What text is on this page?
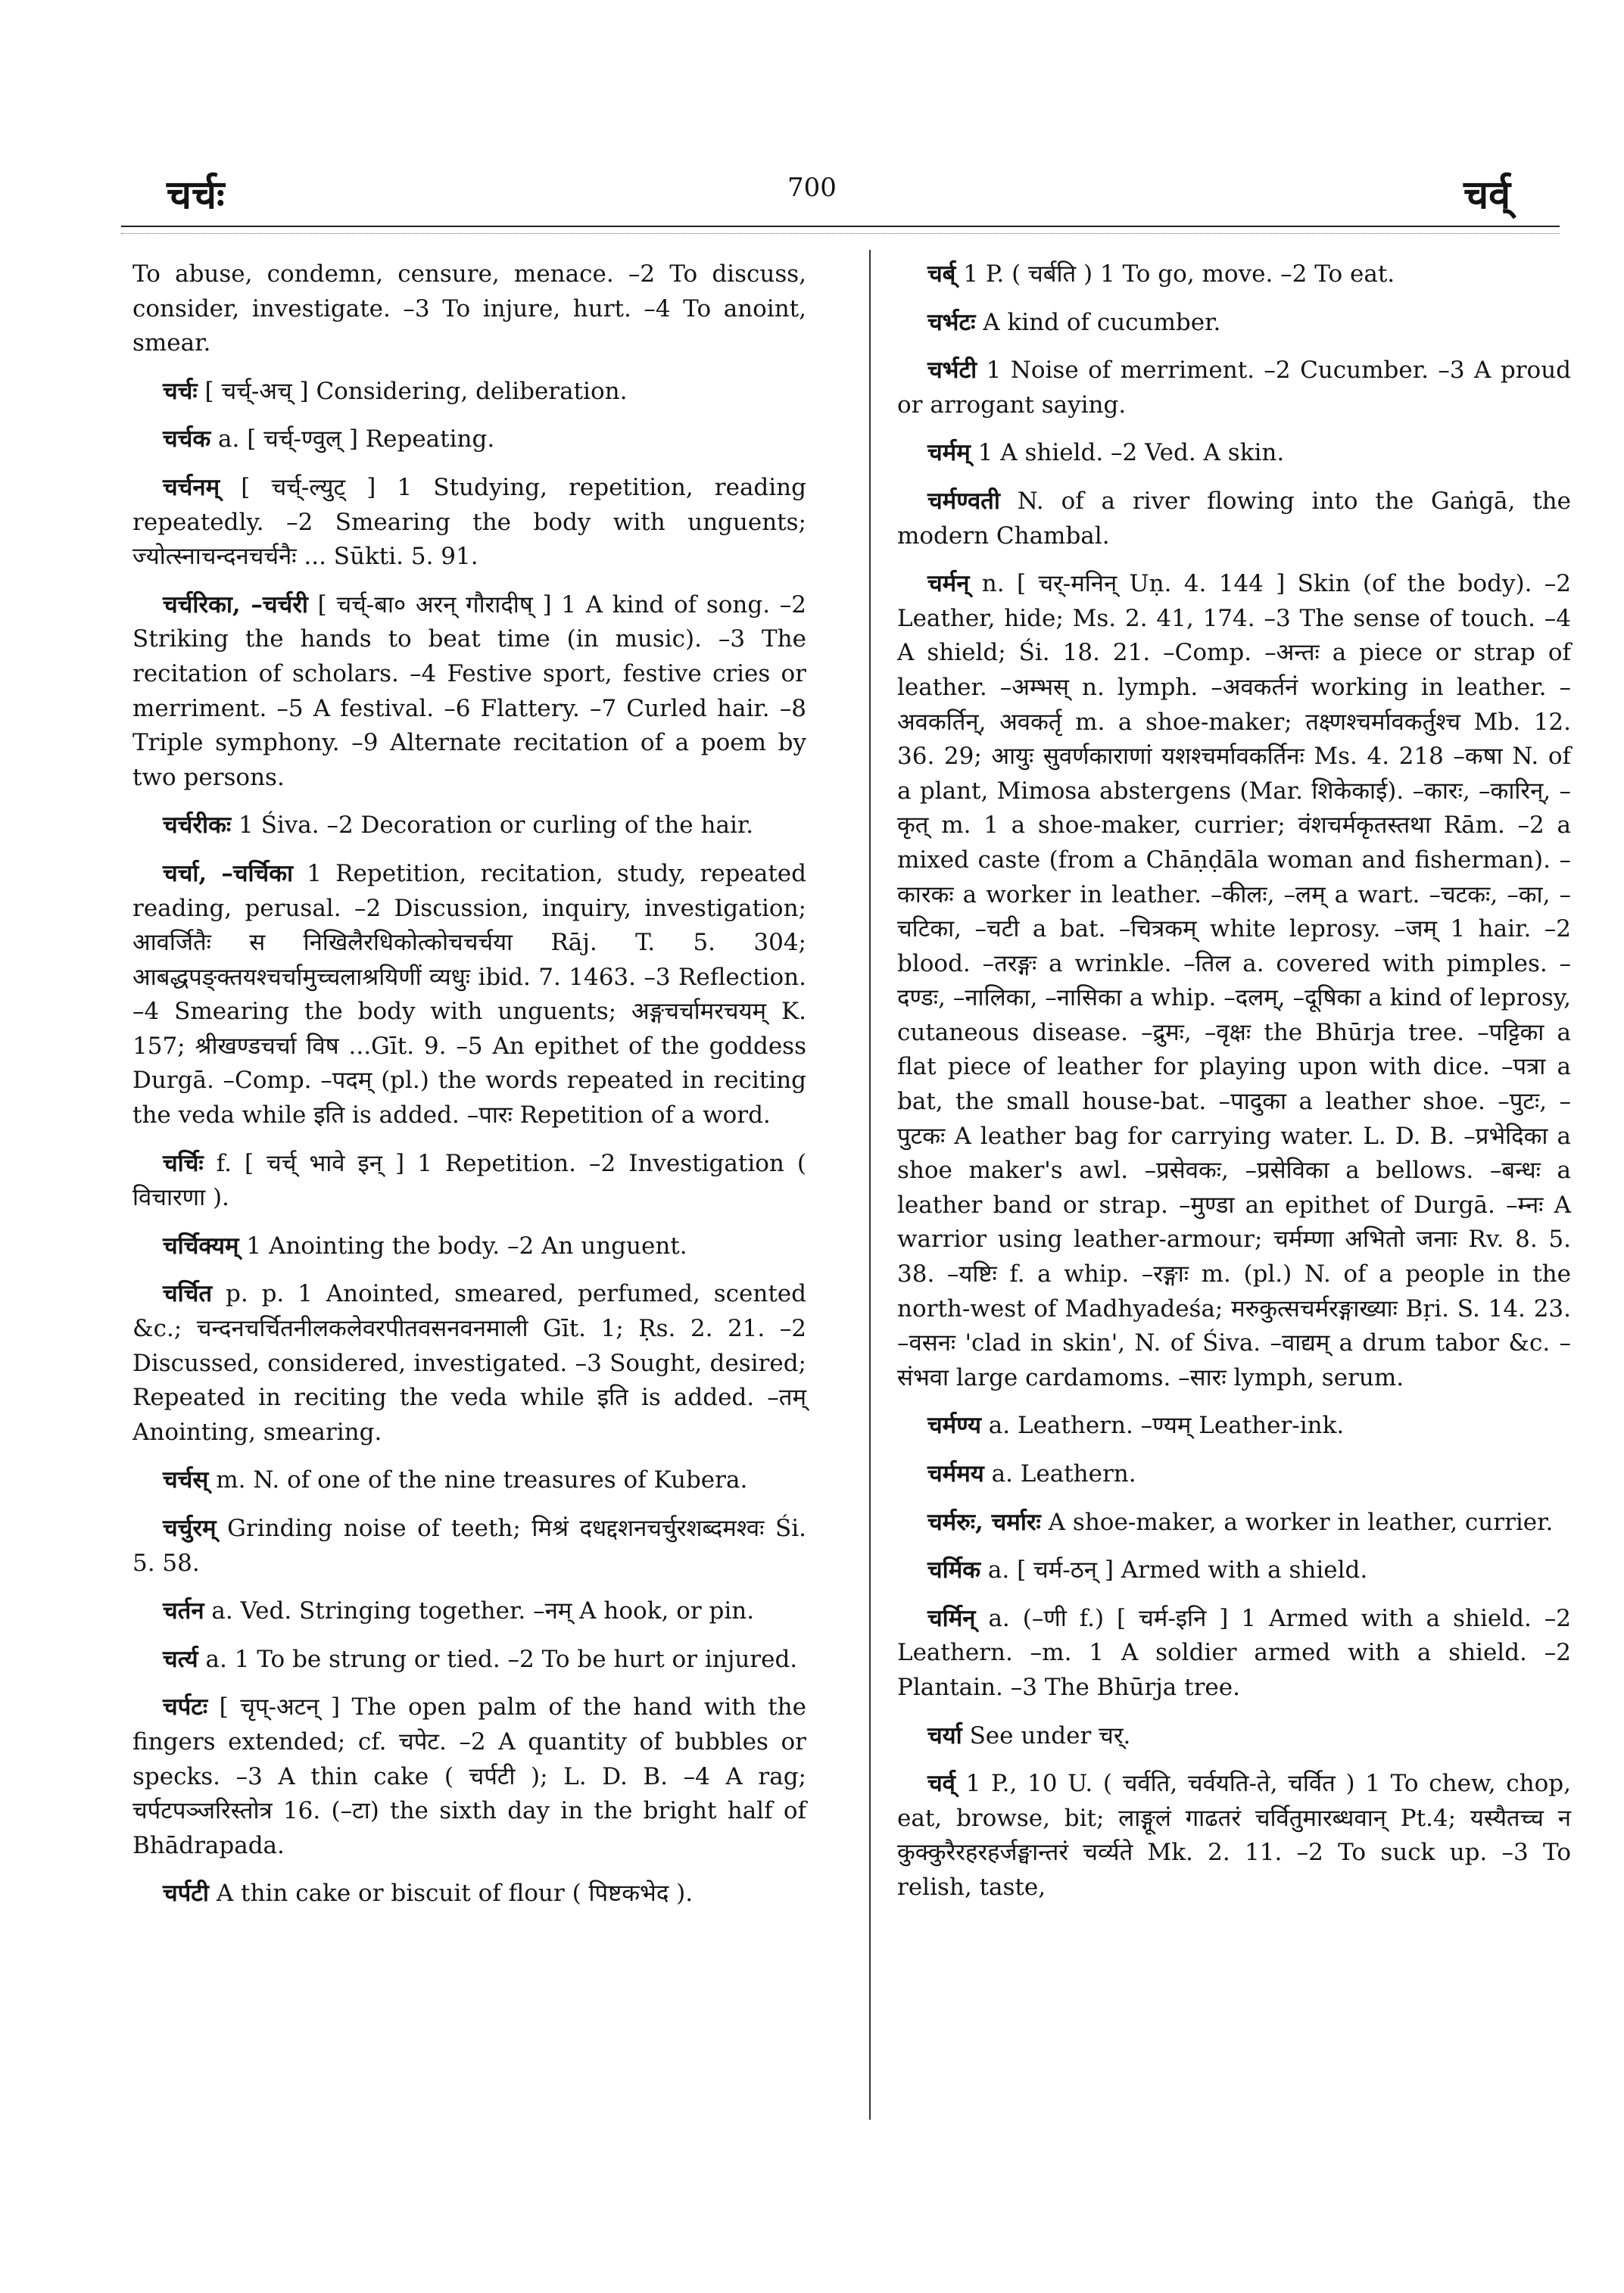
चर्चः	700	चर्व्

To abuse, condemn, censure, menace. –2 To discuss, consider, investigate. –3 To injure, hurt. –4 To anoint, smear.

चर्चः [ चर्च्-अच् ] Considering, deliberation.

चर्चक a. [ चर्च्-ण्वुल् ] Repeating.

चर्चनम् [ चर्च्-ल्युट् ] 1 Studying, repetition, reading repeatedly. –2 Smearing the body with unguents; ज्योत्स्नाचन्दनचर्चनैः ... Sūkti. 5. 91.

चर्चरिका, –चर्चरी [ चर्च्-बा० अरन् गौरादीष् ] 1 A kind of song. –2 Striking the hands to beat time (in music). –3 The recitation of scholars. –4 Festive sport, festive cries or merriment. –5 A festival. –6 Flattery. –7 Curled hair. –8 Triple symphony. –9 Alternate recitation of a poem by two persons.

चर्चरीकः 1 Śiva. –2 Decoration or curling of the hair.

चर्चा, –चर्चिका 1 Repetition, recitation, study, repeated reading, perusal. –2 Discussion, inquiry, investigation; आवर्जितैः स निखिलैरधिकोत्कोचचर्चया Rāj. T. 5. 304; आबद्धपङ्क्तयश्चर्चामुच्चलाश्रयिणीं व्यधुः ibid. 7. 1463. –3 Reflection. –4 Smearing the body with unguents; अङ्गचर्चामरचयम् K. 157; श्रीखण्डचर्चा विष ...Gīt. 9. –5 An epithet of the goddess Durgā. –Comp. –पदम् (pl.) the words repeated in reciting the veda while इति is added. –पारः Repetition of a word.

चर्चिः f. [ चर्च् भावे इन् ] 1 Repetition. –2 Investigation ( विचारणा ).

चर्चिक्यम् 1 Anointing the body. –2 An unguent.

चर्चित p. p. 1 Anointed, smeared, perfumed, scented &c.; चन्दनचर्चितनीलकलेवरपीतवसनवनमाली Gīt. 1; Ṛs. 2. 21. –2 Discussed, considered, investigated. –3 Sought, desired; Repeated in reciting the veda while इति is added. –तम् Anointing, smearing.

चर्चस् m. N. of one of the nine treasures of Kubera.

चर्चुरम् Grinding noise of teeth; मिश्रं दधद्दशनचर्चुरशब्दमश्वः Śi. 5. 58.

चर्तन a. Ved. Stringing together. –नम् A hook, or pin.

चर्त्य a. 1 To be strung or tied. –2 To be hurt or injured.

चर्पटः [ चृप्-अटन् ] The open palm of the hand with the fingers extended; cf. चपेट. –2 A quantity of bubbles or specks. –3 A thin cake ( चर्पटी ); L. D. B. –4 A rag; चर्पटपञ्जरिस्तोत्र 16. (–टा) the sixth day in the bright half of Bhādrapada.

चर्पटी A thin cake or biscuit of flour ( पिष्टकभेद ).

चर्ब् 1 P. ( चर्बति ) 1 To go, move. –2 To eat.

चर्भटः A kind of cucumber.

चर्भटी 1 Noise of merriment. –2 Cucumber. –3 A proud or arrogant saying.

चर्मम् 1 A shield. –2 Ved. A skin.

चर्मण्वती N. of a river flowing into the Gaṅgā, the modern Chambal.

चर्मन् n. [ चर्-मनिन् Uṇ. 4. 144 ] Skin (of the body). –2 Leather, hide; Ms. 2. 41, 174. –3 The sense of touch. –4 A shield; Śi. 18. 21. –Comp. –अन्तः a piece or strap of leather. –अम्भस् n. lymph. –अवकर्तनं working in leather. –अवकर्तिन्, अवकर्तृ m. a shoe-maker; तक्ष्णश्चर्मावकर्तुश्च Mb. 12. 36. 29; आयुः सुवर्णकाराणां यशश्चर्मावकर्तिनः Ms. 4. 218 –कषा N. of a plant, Mimosa abstergens (Mar. शिकेकाई). –कारः, –कारिन्, –कृत् m. 1 a shoe-maker, currier; वंशचर्मकृतस्तथा Rām. –2 a mixed caste (from a Chāṇḍāla woman and fisherman). –कारकः a worker in leather. –कीलः, –लम् a wart. –चटकः, –का, –चटिका, –चटी a bat. –चित्रकम् white leprosy. –जम् 1 hair. –2 blood. –तरङ्गः a wrinkle. –तिल a. covered with pimples. –दण्डः, –नालिका, –नासिका a whip. –दलम्, –दूषिका a kind of leprosy, cutaneous disease. –द्रुमः, –वृक्षः the Bhūrja tree. –पट्टिका a flat piece of leather for playing upon with dice. –पत्रा a bat, the small house-bat. –पादुका a leather shoe. –पुटः, –पुटकः A leather bag for carrying water. L. D. B. –प्रभेदिका a shoe maker's awl. –प्रसेवकः, –प्रसेविका a bellows. –बन्धः a leather band or strap. –मुण्डा an epithet of Durgā. –म्नः A warrior using leather-armour; चर्मम्णा अभितो जनाः Rv. 8. 5. 38. –यष्टिः f. a whip. –रङ्गाः m. (pl.) N. of a people in the north-west of Madhyadeśa; मरुकुत्सचर्मरङ्गाख्याः Bṛi. S. 14. 23. –वसनः 'clad in skin', N. of Śiva. –वाद्यम् a drum tabor &c. –संभवा large cardamoms. –सारः lymph, serum.

चर्मण्य a. Leathern. –ण्यम् Leather-ink.

चर्ममय a. Leathern.

चर्मरुः, चर्मारः A shoe-maker, a worker in leather, currier.

चर्मिक a. [ चर्म-ठन् ] Armed with a shield.

चर्मिन् a. (–णी f.) [ चर्म-इनि ] 1 Armed with a shield. –2 Leathern. –m. 1 A soldier armed with a shield. –2 Plantain. –3 The Bhūrja tree.

चर्या See under चर्.

चर्व् 1 P., 10 U. ( चर्वति, चर्वयति-ते, चर्वित ) 1 To chew, chop, eat, browse, bit; लाङ्गूलं गाढतरं चर्वितुमारब्धवान् Pt.4; यस्यैतच्च न कुक्कुरैरहरहर्जङ्घान्तरं चर्व्यते Mk. 2. 11. –2 To suck up. –3 To relish, taste,
